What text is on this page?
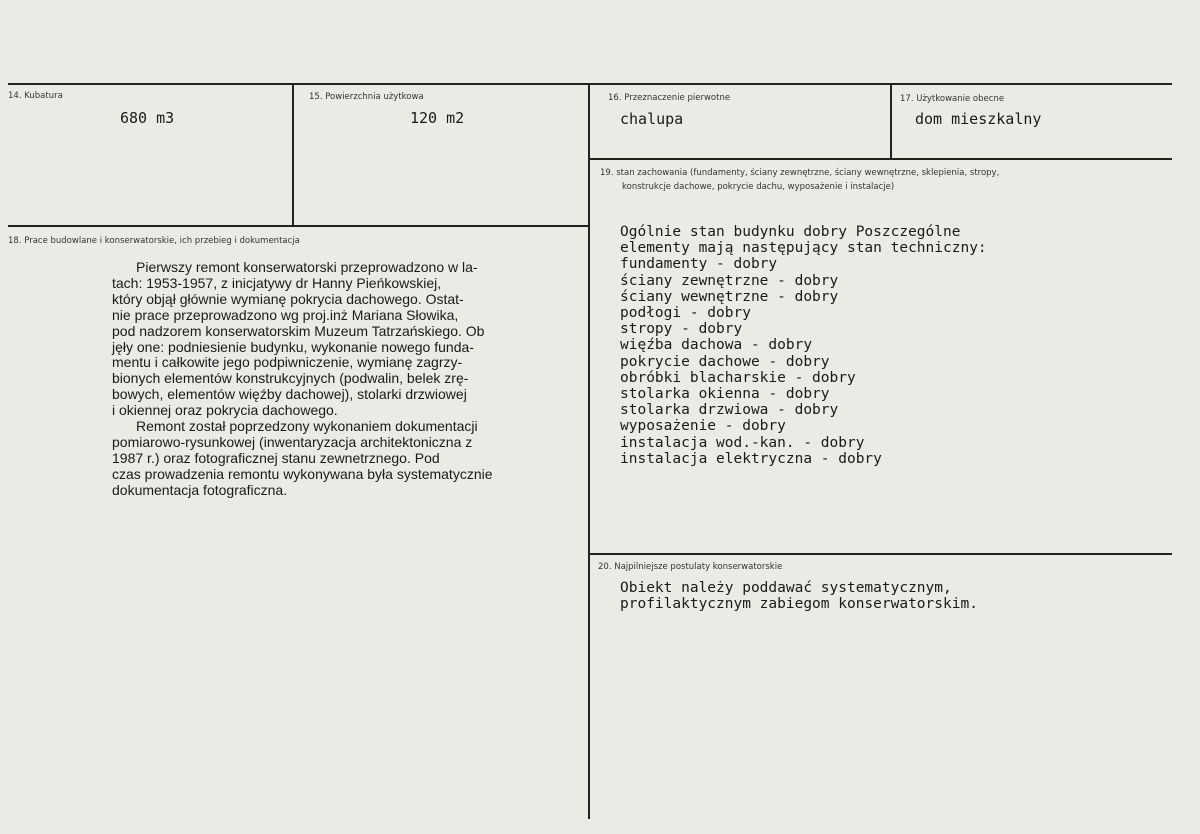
14. Kubatura
680 m3
15. Powierzchnia użytkowa
120 m2
16. Przeznaczenie pierwotne
chalupa
17. Użytkowanie obecne
dom mieszkalny
19. stan zachowania (fundamenty, ściany zewnętrzne, ściany wewnętrzne, sklepienia, stropy,
konstrukcje dachowe, pokrycie dachu, wyposażenie i instalacje)
Ogólnie stan budynku dobry Poszczególne
elementy mają następujący stan techniczny:
fundamenty - dobry
ściany zewnętrzne - dobry
ściany wewnętrzne - dobry
podłogi - dobry
stropy - dobry
więźba dachowa - dobry
pokrycie dachowe - dobry
obróbki blacharskie - dobry
stolarka okienna - dobry
stolarka drzwiowa - dobry
wyposażenie - dobry
instalacja wod.-kan. - dobry
instalacja elektryczna - dobry
18. Prace budowlane i konserwatorskie, ich przebieg i dokumentacja
Pierwszy remont konserwatorski przeprowadzono w la-
tach: 1953-1957, z inicjatywy dr Hanny Pieńkowskiej,
który objął głównie wymianę pokrycia dachowego. Ostat-
nie prace przeprowadzono wg proj.inż Mariana Słowika,
pod nadzorem konserwatorskim Muzeum Tatrzańskiego. Ob
jęły one: podniesienie budynku, wykonanie nowego funda-
mentu i całkowite jego podpiwniczenie, wymianę zagrzy-
bionych elementów konstrukcyjnych (podwalin, belek zrę-
bowych, elementów więźby dachowej), stolarki drzwiowej
i okiennej oraz pokrycia dachowego.
Remont został poprzedzony wykonaniem dokumentacji
pomiarowo-rysunkowej (inwentaryzacja architektoniczna z
1987 r.) oraz fotograficznej stanu zewnetrznego. Pod
czas prowadzenia remontu wykonywana była systematycznie
dokumentacja fotograficzna.
20. Najpilniejsze postulaty konserwatorskie
Obiekt należy poddawać systematycznym,
profilaktycznym zabiegom konserwatorskim.
